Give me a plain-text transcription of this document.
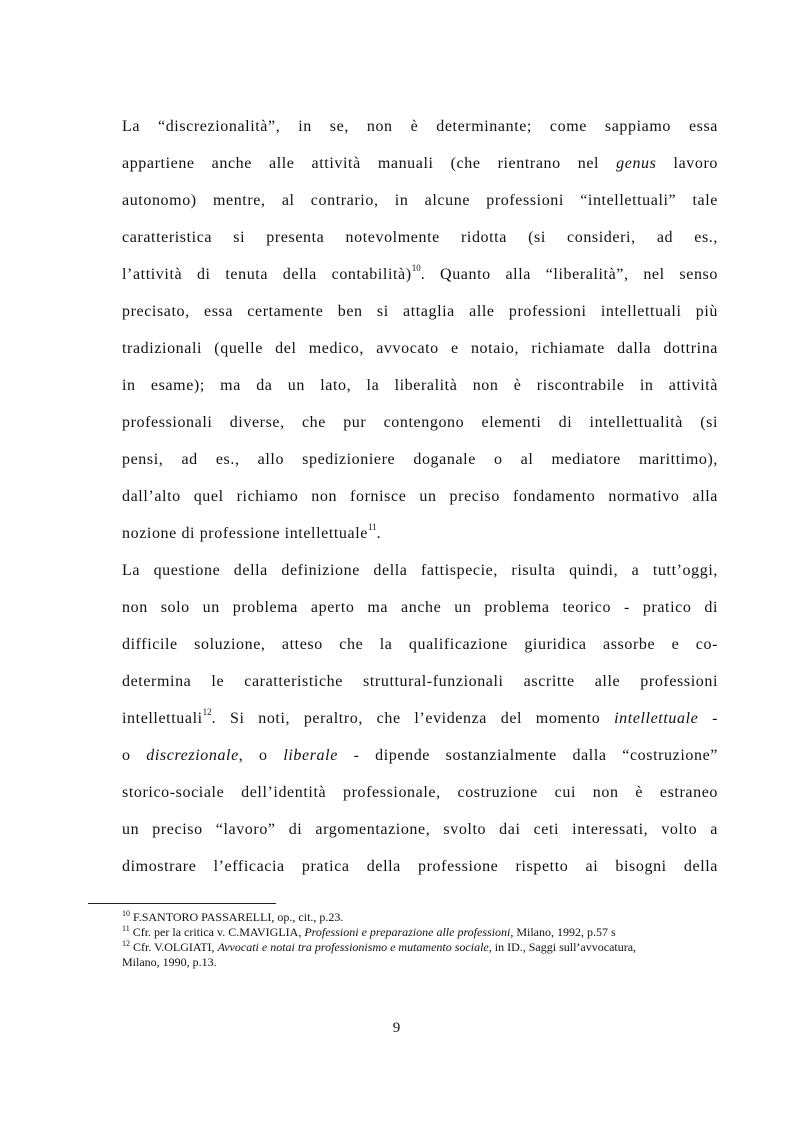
La “discrezionalità”, in se, non è determinante; come sappiamo essa
appartiene anche alle attività manuali (che rientrano nel genus lavoro
autonomo) mentre, al contrario, in alcune professioni “intellettuali” tale
caratteristica si presenta notevolmente ridotta (si consideri, ad es.,
l’attività di tenuta della contabilità)$^{10}$. Quanto alla “liberalità”, nel senso
precisato, essa certamente ben si attaglia alle professioni intellettuali più
tradizionali (quelle del medico, avvocato e notaio, richiamate dalla dottrina
in esame); ma da un lato, la liberalità non è riscontrabile in attività
professionali diverse, che pur contengono elementi di intellettualità (si
pensi, ad es., allo spedizioniere doganale o al mediatore marittimo),
dall’alto quel richiamo non fornisce un preciso fondamento normativo alla
nozione di professione intellettuale$^{11}$.
La questione della definizione della fattispecie, risulta quindi, a tutt’oggi,
non solo un problema aperto ma anche un problema teorico - pratico di
difficile soluzione, atteso che la qualificazione giuridica assorbe e co-
determina le caratteristiche struttural-funzionali ascritte alle professioni
intellettuali$^{12}$. Si noti, peraltro, che l’evidenza del momento intellettuale -
o discrezionale, o liberale - dipende sostanzialmente dalla “costruzione”
storico-sociale dell’identità professionale, costruzione cui non è estraneo
un preciso “lavoro” di argomentazione, svolto dai ceti interessati, volto a
dimostrare l’efficacia pratica della professione rispetto ai bisogni della
$^{10}$ F.SANTORO PASSARELLI, op., cit., p.23.
$^{11}$ Cfr. per la critica v. C.MAVIGLIA, Professioni e preparazione alle professioni, Milano, 1992, p.57 s
$^{12}$ Cfr. V.OLGIATI, Avvocati e notai tra professionismo e mutamento sociale, in ID., Saggi sull’avvocatura,
Milano, 1990, p.13.
9
